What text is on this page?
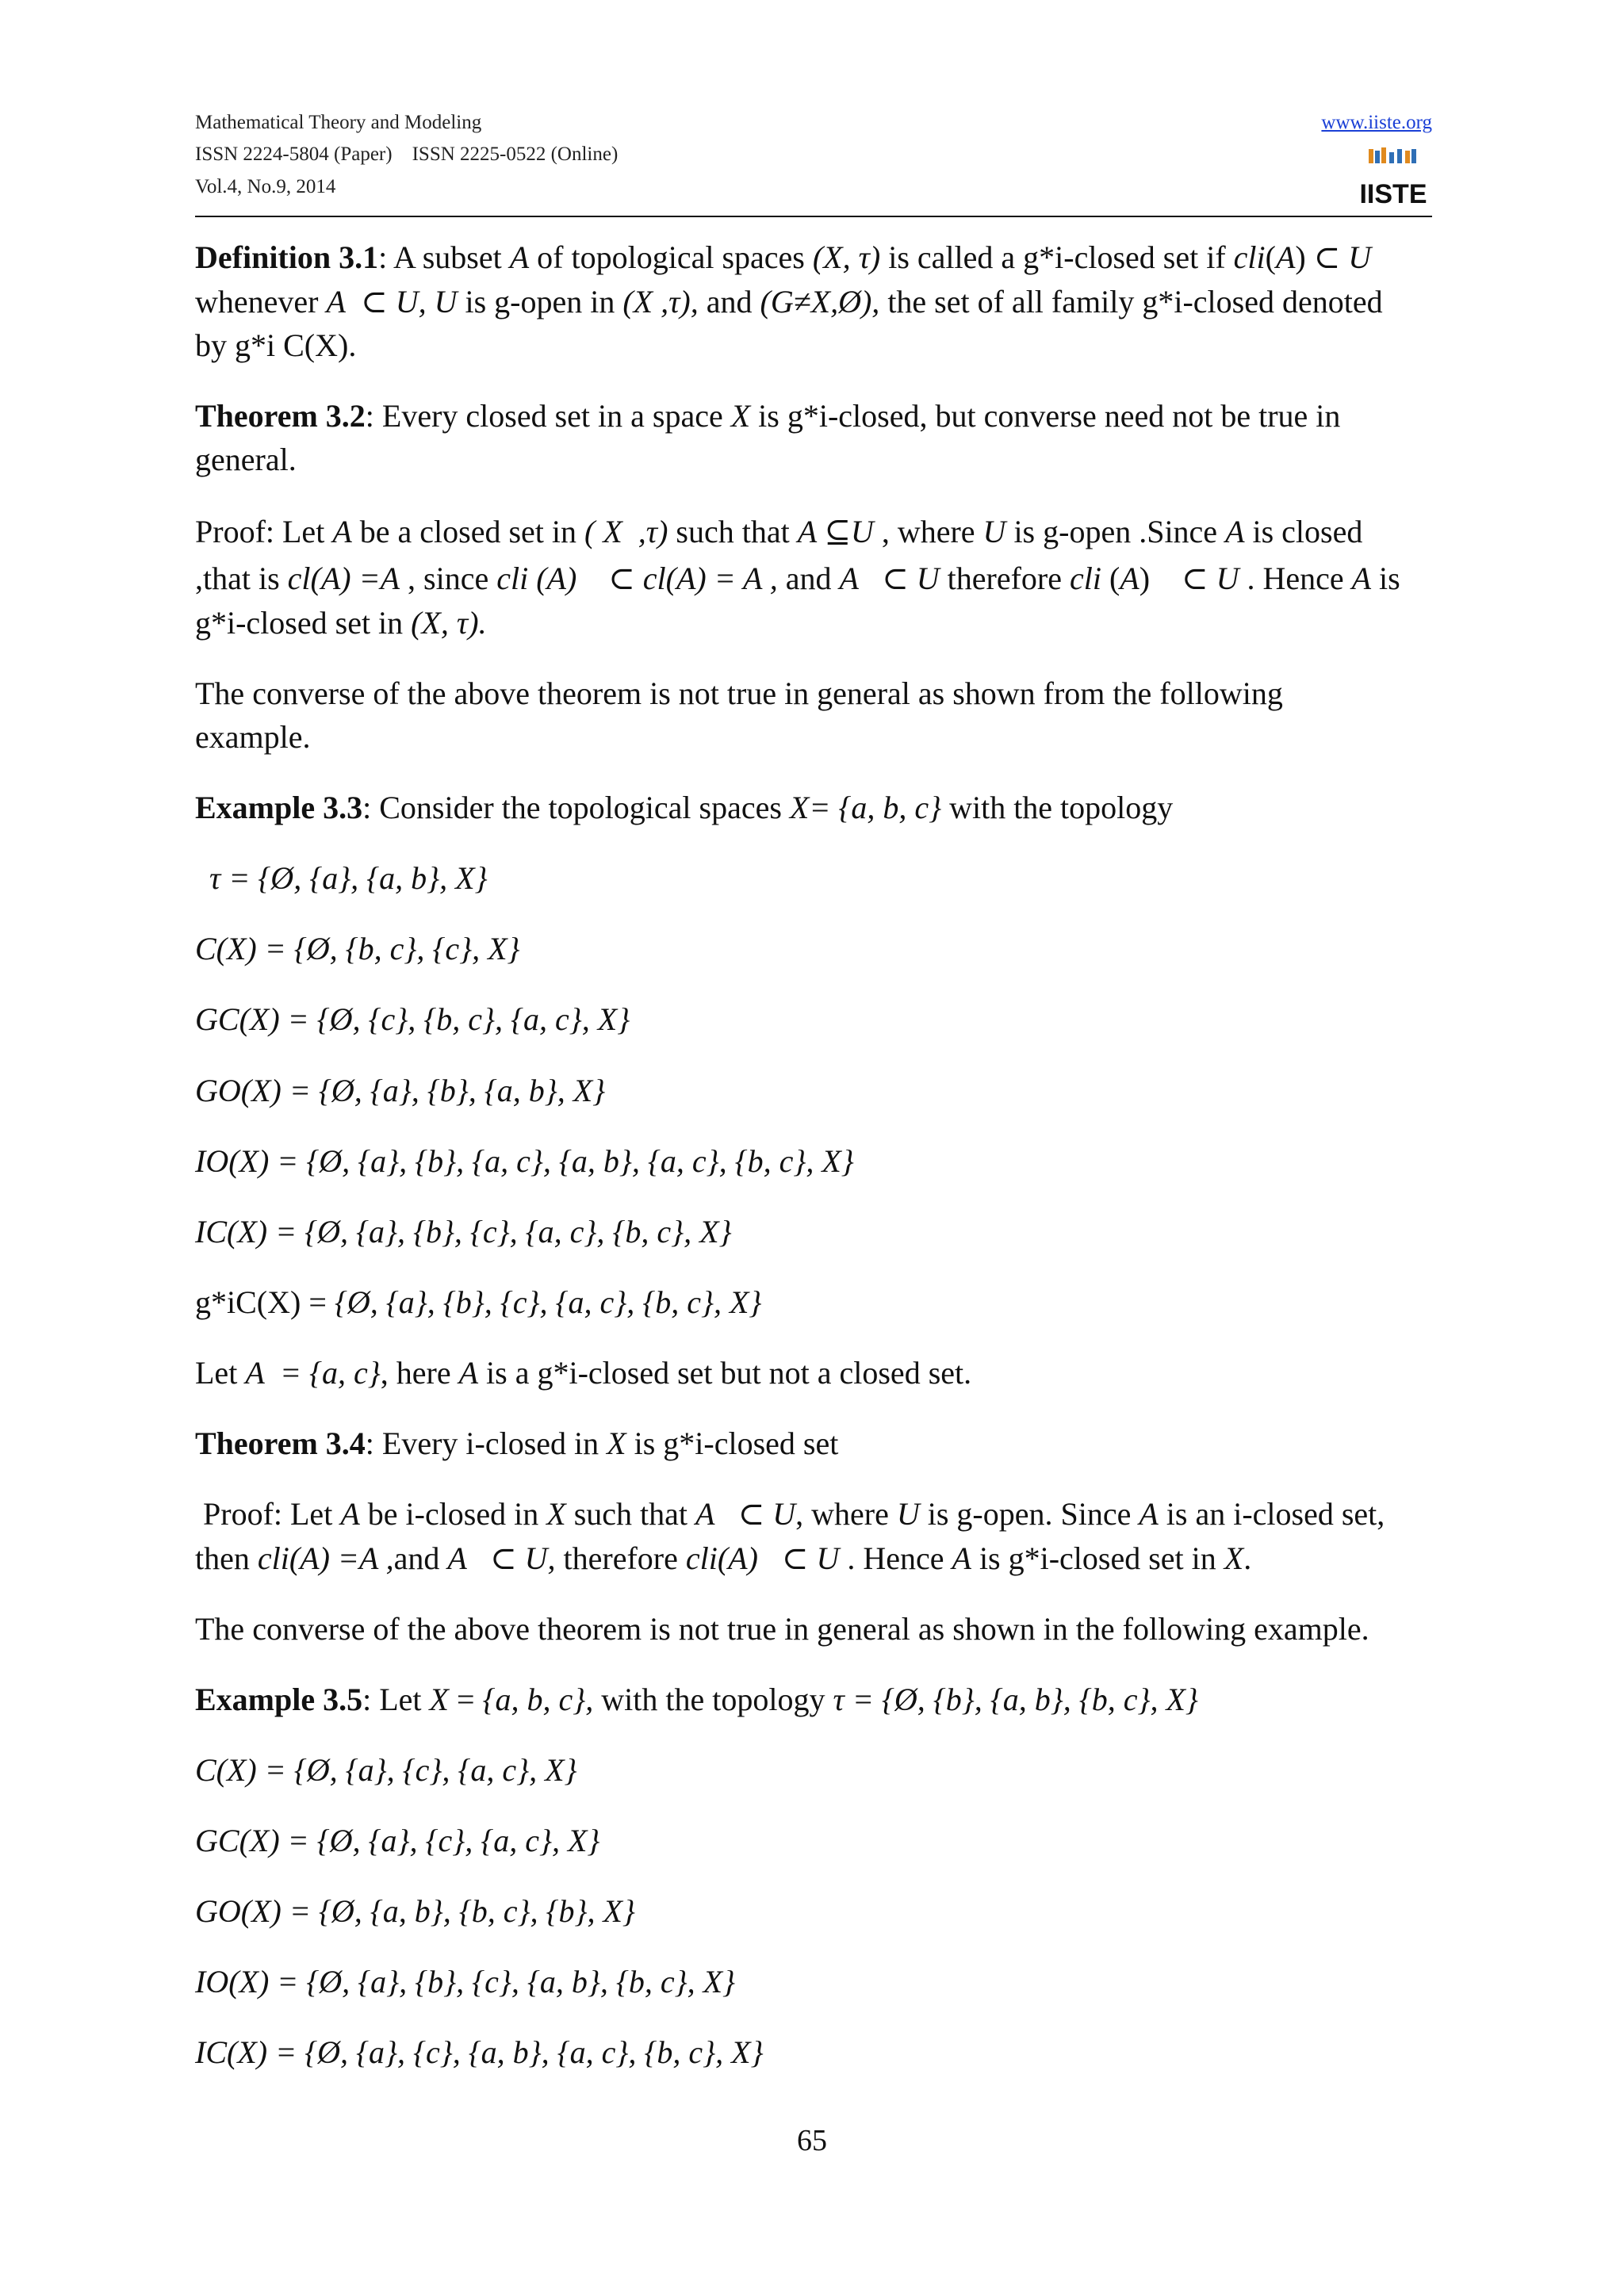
Mathematical Theory and Modeling
ISSN 2224-5804 (Paper)    ISSN 2225-0522 (Online)
Vol.4, No.9, 2014
www.iiste.org
IISTE
Definition 3.1: A subset A of topological spaces (X, τ) is called a g*i-closed set if cli(A) ⊂ U
whenever A  ⊂ U, U is g-open in (X ,τ), and (G≠X,Ø), the set of all family g*i-closed denoted
by g*i C(X).
Theorem 3.2: Every closed set in a space X is g*i-closed, but converse need not be true in
general.
Proof: Let A be a closed set in ( X  ,τ) such that A ⊆U , where U is g-open .Since A is closed
,that is cl(A) =A , since cli (A)    ⊂ cl(A) = A , and A   ⊂ U therefore cli (A)    ⊂ U . Hence A is
g*i-closed set in (X, τ).
The converse of the above theorem is not true in general as shown from the following
example.
Example 3.3: Consider the topological spaces X= {a, b, c} with the topology
τ = {Ø, {a}, {a, b}, X}
C(X) = {Ø, {b, c}, {c}, X}
GC(X) = {Ø, {c}, {b, c}, {a, c}, X}
GO(X) = {Ø, {a}, {b}, {a, b}, X}
IO(X) = {Ø, {a}, {b}, {a, c}, {a, b}, {a, c}, {b, c}, X}
IC(X) = {Ø, {a}, {b}, {c}, {a, c}, {b, c}, X}
g*iC(X) = {Ø, {a}, {b}, {c}, {a, c}, {b, c}, X}
Let A  = {a, c}, here A is a g*i-closed set but not a closed set.
Theorem 3.4: Every i-closed in X is g*i-closed set
Proof: Let A be i-closed in X such that A   ⊂ U, where U is g-open. Since A is an i-closed set,
then cli(A) =A ,and A   ⊂ U, therefore cli(A)   ⊂ U . Hence A is g*i-closed set in X.
The converse of the above theorem is not true in general as shown in the following example.
Example 3.5: Let X = {a, b, c}, with the topology τ = {Ø, {b}, {a, b}, {b, c}, X}
C(X) = {Ø, {a}, {c}, {a, c}, X}
GC(X) = {Ø, {a}, {c}, {a, c}, X}
GO(X) = {Ø, {a, b}, {b, c}, {b}, X}
IO(X) = {Ø, {a}, {b}, {c}, {a, b}, {b, c}, X}
IC(X) = {Ø, {a}, {c}, {a, b}, {a, c}, {b, c}, X}
65
